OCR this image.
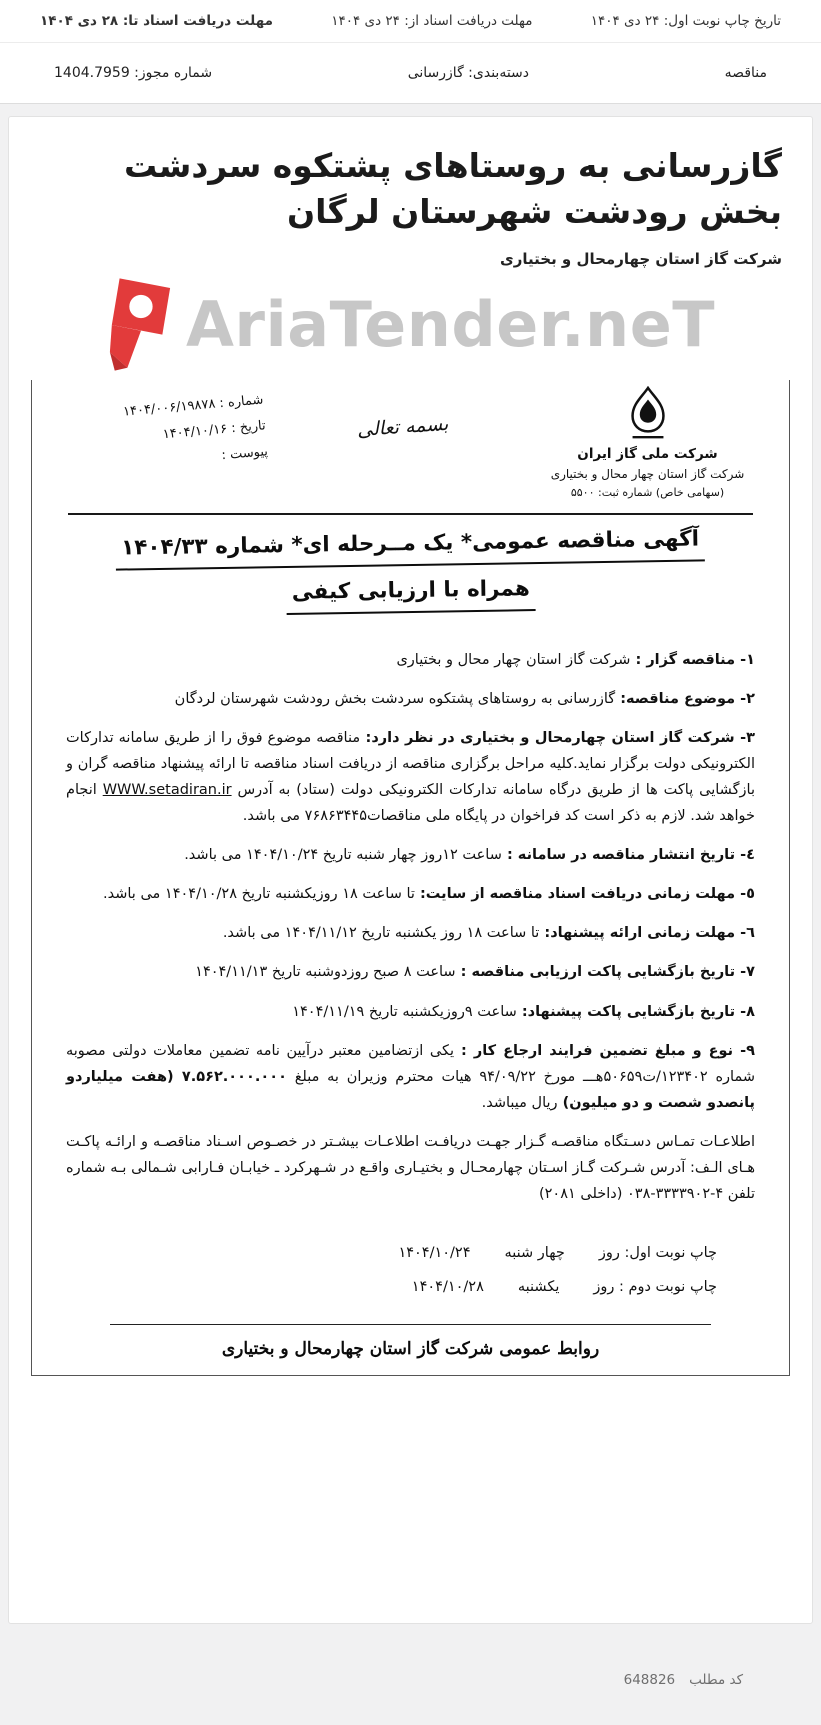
تاریخ چاپ نوبت اول: ۲۴ دی ۱۴۰۴
مهلت دریافت اسناد از: ۲۴ دی ۱۴۰۴
مهلت دریافت اسناد تا: ۲۸ دی ۱۴۰۴
مناقصه
دسته‌بندی: گازرسانی
شماره مجوز: 1404.7959
گازرسانی به روستاهای پشتکوه سردشت بخش رودشت شهرستان لرگان
شرکت گاز استان چهارمحال و بختیاری
AriaTender.neT
شرکت ملی گاز ایران
شرکت گاز استان چهار محال و بختیاری
(سهامی خاص) شماره ثبت: ۵۵۰۰
بسمه تعالی
شماره : ۱۴۰۴/۰۰۶/۱۹۸۷۸
تاریخ : ۱۴۰۴/۱۰/۱۶
پیوست :
آگهی مناقصه عمومی* یک مــرحله ای* شماره ۱۴۰۴/۳۳
همراه با ارزیابی کیفی

۱- مناقصه گزار : شرکت گاز استان چهار محال و بختیاری

۲- موضوع مناقصه: گازرسانی به روستاهای پشتکوه سردشت بخش رودشت شهرستان لردگان

۳- شرکت گاز استان چهارمحال و بختیاری در نظر دارد: مناقصه موضوع فوق را از طریق سامانه تدارکات الکترونیکی دولت برگزار نماید.کلیه مراحل برگزاری مناقصه از دریافت اسناد مناقصه تا ارائه پیشنهاد مناقصه گران و بازگشایی پاکت ها از طریق درگاه سامانه تدارکات الکترونیکی دولت (ستاد) به آدرس WWW.setadiran.ir انجام خواهد شد. لازم به ذکر است کد فراخوان در پایگاه ملی مناقصات۷۶۸۶۳۴۴۵ می باشد.

٤- تاریخ انتشار مناقصه در سامانه : ساعت ۱۲روز چهار شنبه تاریخ ۱۴۰۴/۱۰/۲۴ می باشد.

٥- مهلت زمانی دریافت اسناد مناقصه از سایت: تا ساعت ۱۸ روزیکشنبه تاریخ ۱۴۰۴/۱۰/۲۸ می باشد.

٦- مهلت زمانی ارائه پیشنهاد: تا ساعت ۱۸ روز یکشنبه تاریخ ۱۴۰۴/۱۱/۱۲ می باشد.

۷- تاریخ بازگشایی پاکت ارزیابی مناقصه : ساعت ۸ صبح روزدوشنبه تاریخ ۱۴۰۴/۱۱/۱۳

۸- تاریخ بازگشایی پاکت پیشنهاد: ساعت ۹روزیکشنبه تاریخ ۱۴۰۴/۱۱/۱۹

۹- نوع و مبلغ تضمین فرایند ارجاع کار : یکی ازتضامین معتبر درآیین نامه تضمین معاملات دولتی مصوبه شماره ۱۲۳۴۰۲/ت۵۰۶۵۹هـــ مورخ ۹۴/۰۹/۲۲ هیات محترم وزیران به مبلغ ۷.۵۶۲.۰۰۰.۰۰۰ (هفت میلیاردو پانصدو شصت و دو میلیون) ریال میباشد.

اطلاعـات تمـاس دسـتگاه مناقصـه گـزار جهـت دریافـت اطلاعـات بیشـتر در خصـوص اسـناد مناقصـه و ارائـه پاکـت هـای الـف: آدرس شـرکت گـاز اسـتان چهارمحـال و بختیـاری واقـع در شـهرکرد ـ خیابـان فـارابی شـمالی بـه شماره تلفن ۴-۳۳۳۳۹۰۲-۰۳۸ (داخلی ۲۰۸۱)

چاپ نوبت اول: روز
چهار شنبه
۱۴۰۴/۱۰/۲۴
چاپ نوبت دوم : روز
یکشنبه
۱۴۰۴/۱۰/۲۸
روابط عمومی شرکت گاز استان چهارمحال و بختیاری
کد مطلب
648826
